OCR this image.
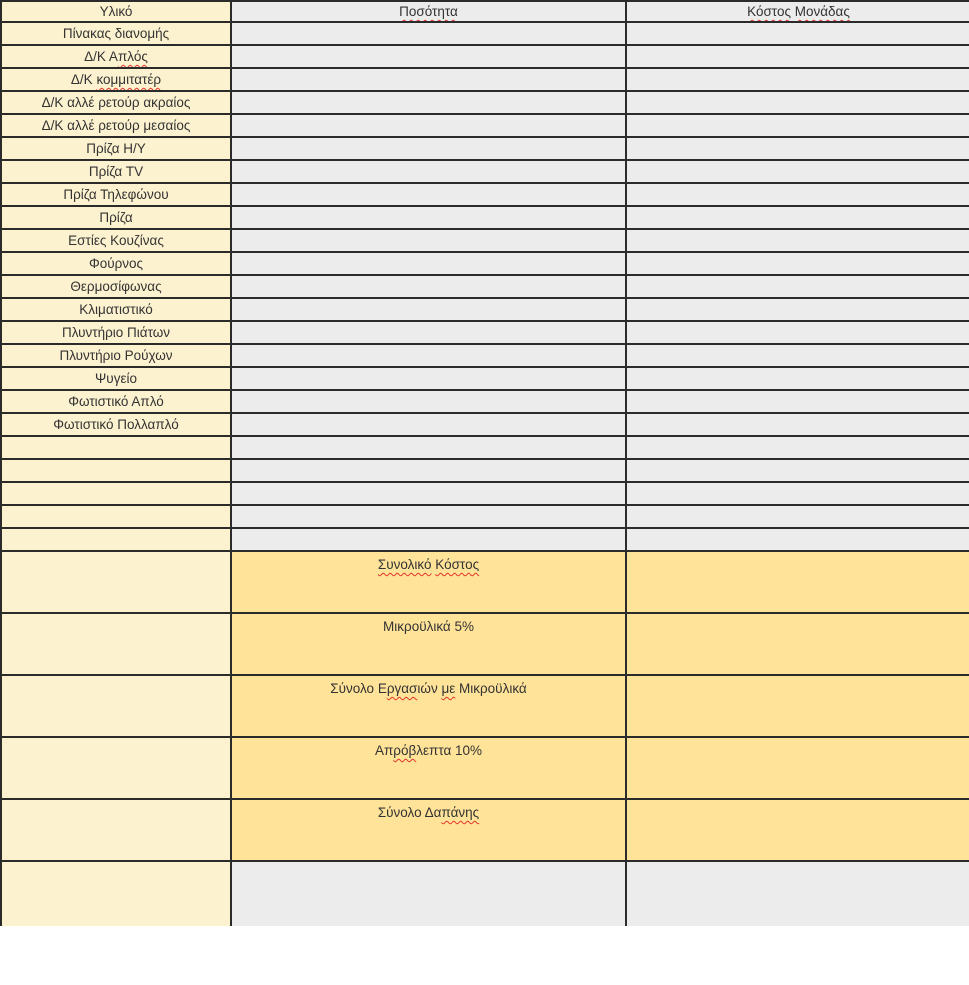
Υλικό	Ποσότητα	Κόστος Μονάδας
Πίνακας διανομής		
Δ/Κ Απλός		
Δ/Κ κομμιτατέρ		
Δ/Κ αλλέ ρετούρ ακραίος		
Δ/Κ αλλέ ρετούρ μεσαίος		
Πρίζα Η/Υ		
Πρίζα TV		
Πρίζα Τηλεφώνου		
Πρίζα		
Εστίες Κουζίνας		
Φούρνος		
Θερμοσίφωνας		
Κλιματιστικό		
Πλυντήριο Πιάτων		
Πλυντήριο Ρούχων		
Ψυγείο		
Φωτιστικό Απλό		
Φωτιστικό Πολλαπλό		

	Συνολικό Κόστος	
	Μικροϋλικά 5%	
	Σύνολο Εργασιών με Μικροϋλικά	
	Απρόβλεπτα 10%	
	Σύνολο Δαπάνης	
